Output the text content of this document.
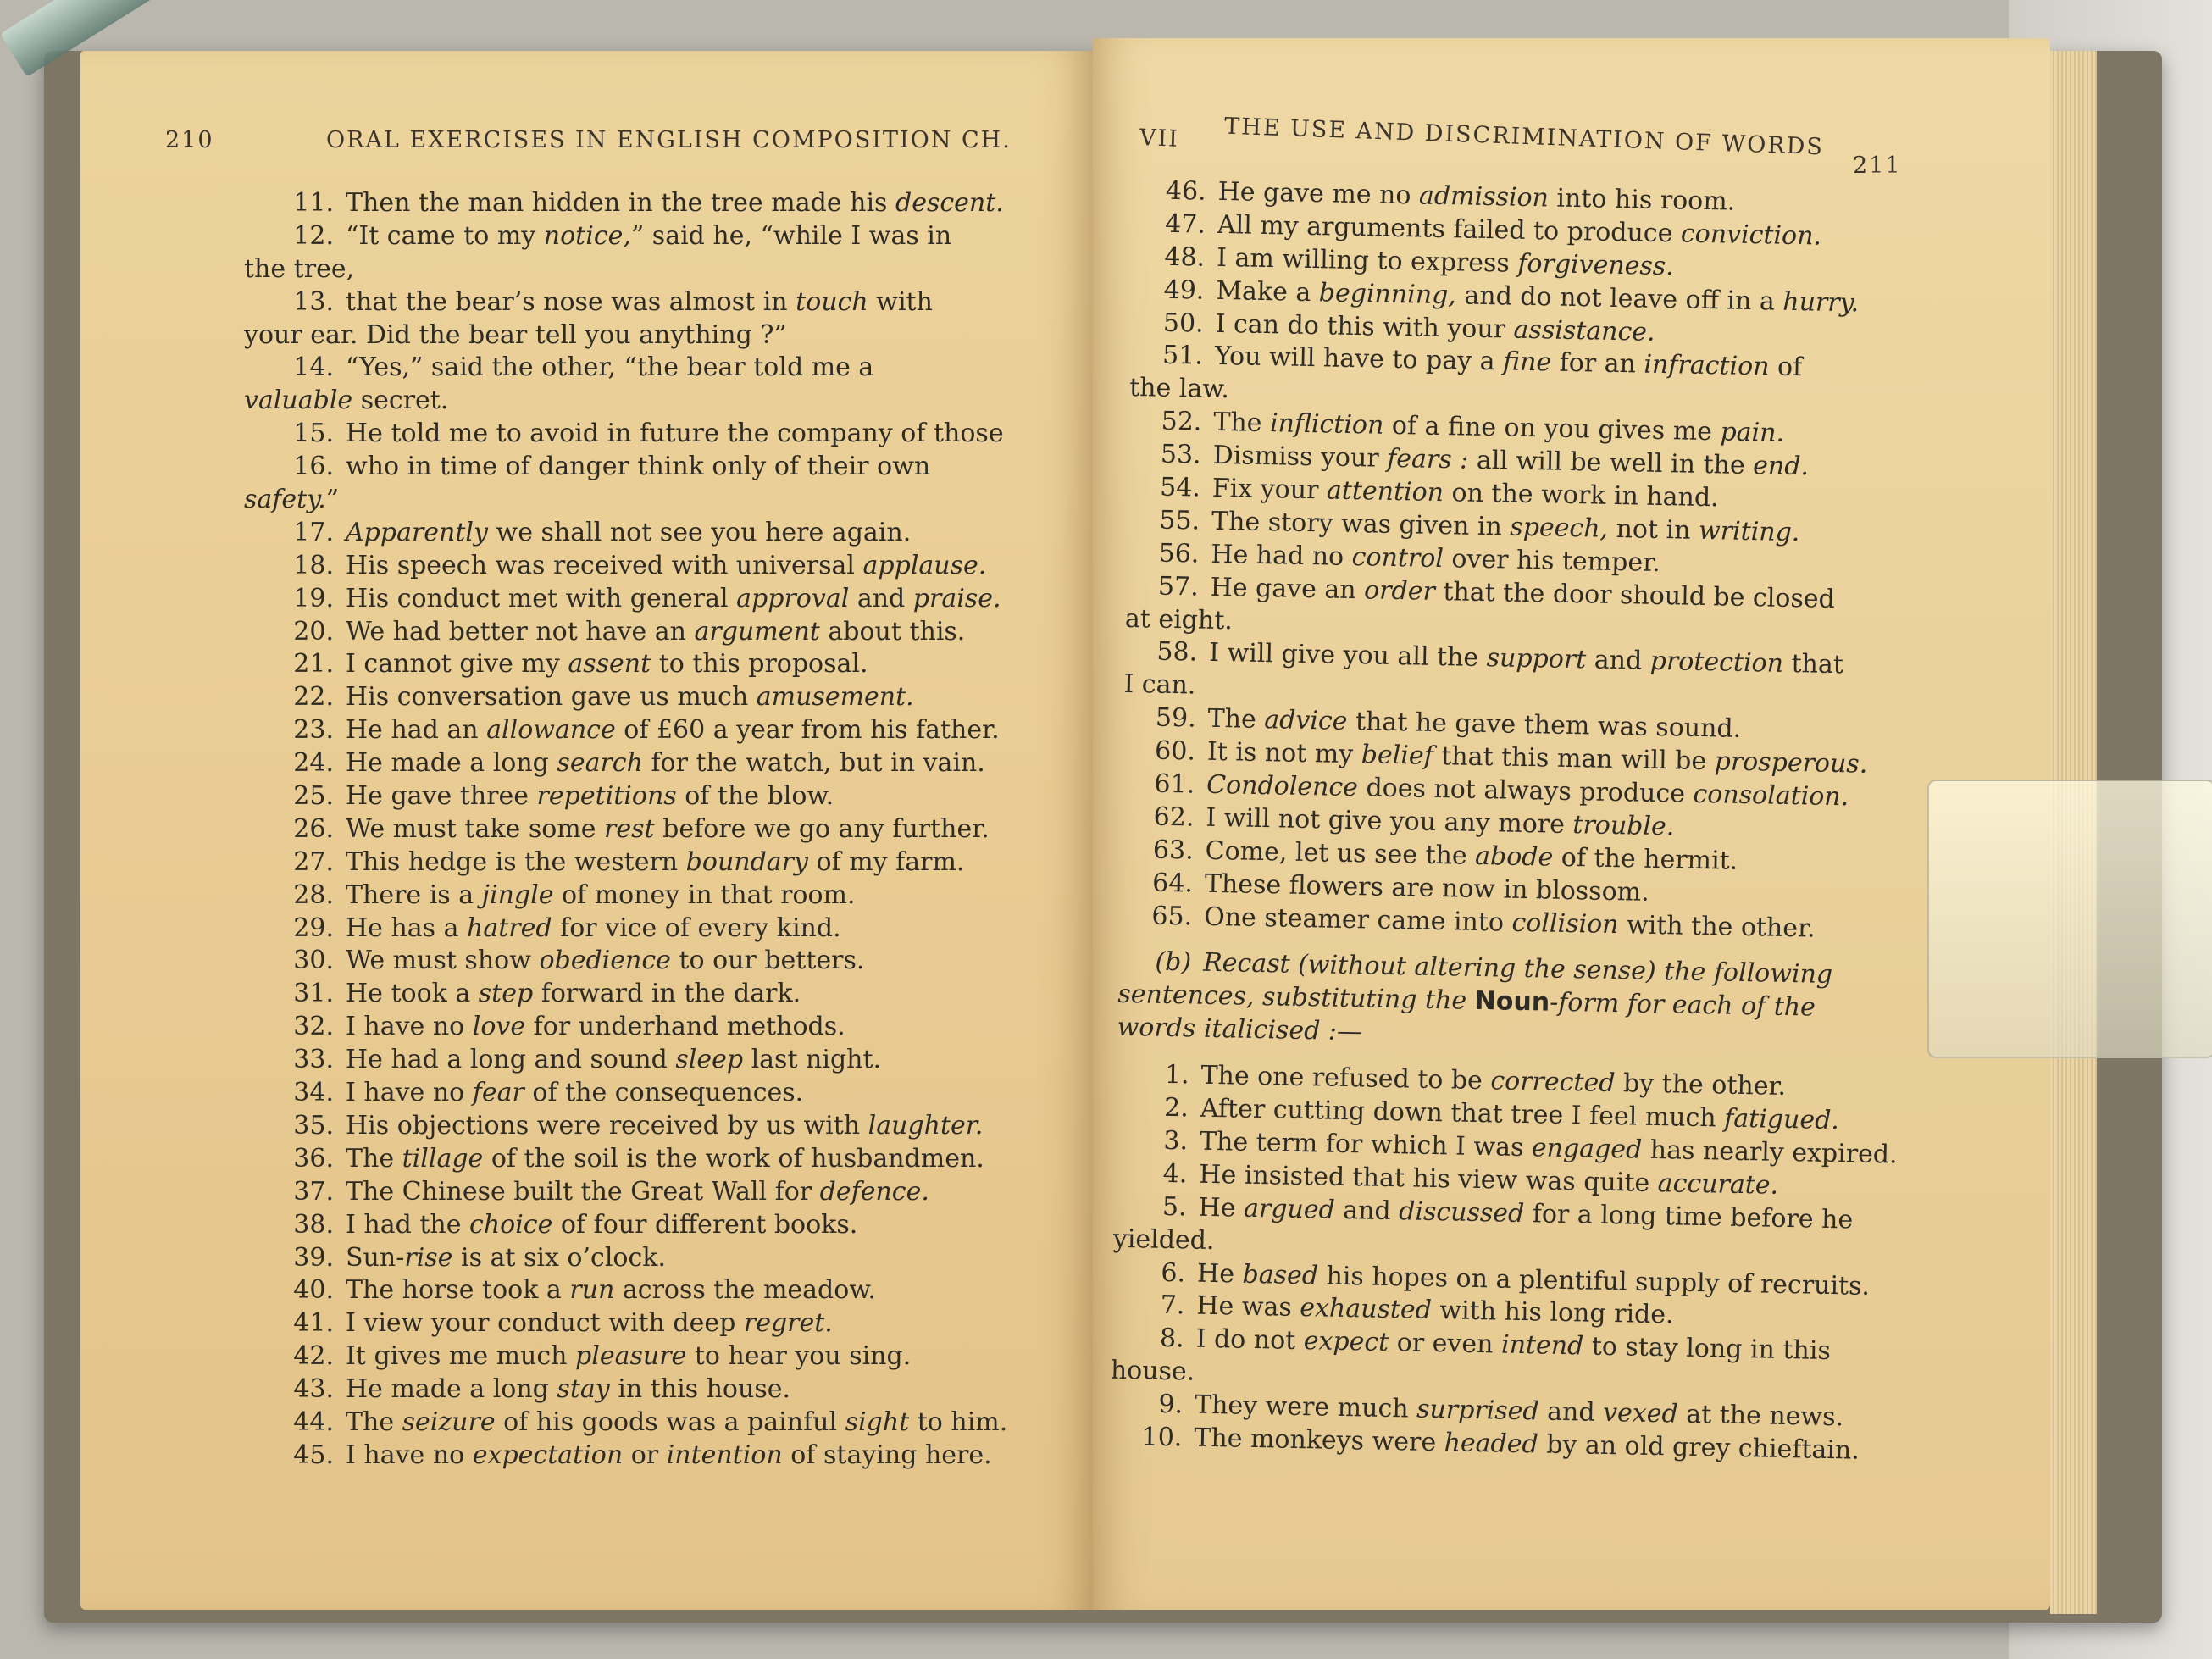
210	ORAL EXERCISES IN ENGLISH COMPOSITION CH.	VII THE USE AND DISCRIMINATION OF WORDS
211
11. Then the man hidden in the tree made his descent.
12. “It came to my notice,” said he, “while I was in
the tree,
13. that the bear’s nose was almost in touch with
your ear. Did the bear tell you anything ?”
14. “Yes,” said the other, “the bear told me a
valuable secret.
15. He told me to avoid in future the company of those
16. who in time of danger think only of their own
safety.”
17. Apparently we shall not see you here again.
18. His speech was received with universal applause.
19. His conduct met with general approval and praise.
20. We had better not have an argument about this.
21. I cannot give my assent to this proposal.
22. His conversation gave us much amusement.
23. He had an allowance of £60 a year from his father.
24. He made a long search for the watch, but in vain.
25. He gave three repetitions of the blow.
26. We must take some rest before we go any further.
27. This hedge is the western boundary of my farm.
28. There is a jingle of money in that room.
29. He has a hatred for vice of every kind.
30. We must show obedience to our betters.
31. He took a step forward in the dark.
32. I have no love for underhand methods.
33. He had a long and sound sleep last night.
34. I have no fear of the consequences.
35. His objections were received by us with laughter.
36. The tillage of the soil is the work of husbandmen.
37. The Chinese built the Great Wall for defence.
38. I had the choice of four different books.
39. Sun-rise is at six o’clock.
40. The horse took a run across the meadow.
41. I view your conduct with deep regret.
42. It gives me much pleasure to hear you sing.
43. He made a long stay in this house.
44. The seizure of his goods was a painful sight to him.
45. I have no expectation or intention of staying here.
46. He gave me no admission into his room.
47. All my arguments failed to produce conviction.
48. I am willing to express forgiveness.
49. Make a beginning, and do not leave off in a hurry.
50. I can do this with your assistance.
51. You will have to pay a fine for an infraction of
the law.
52. The infliction of a fine on you gives me pain.
53. Dismiss your fears : all will be well in the end.
54. Fix your attention on the work in hand.
55. The story was given in speech, not in writing.
56. He had no control over his temper.
57. He gave an order that the door should be closed
at eight.
58. I will give you all the support and protection that
I can.
59. The advice that he gave them was sound.
60. It is not my belief that this man will be prosperous.
61. Condolence does not always produce consolation.
62. I will not give you any more trouble.
63. Come, let us see the abode of the hermit.
64. These flowers are now in blossom.
65. One steamer came into collision with the other.
(b) Recast (without altering the sense) the following
sentences, substituting the Noun-form for each of the
words italicised :—
1. The one refused to be corrected by the other.
2. After cutting down that tree I feel much fatigued.
3. The term for which I was engaged has nearly expired.
4. He insisted that his view was quite accurate.
5. He argued and discussed for a long time before he
yielded.
6. He based his hopes on a plentiful supply of recruits.
7. He was exhausted with his long ride.
8. I do not expect or even intend to stay long in this
house.
9. They were much surprised and vexed at the news.
10. The monkeys were headed by an old grey chieftain.
